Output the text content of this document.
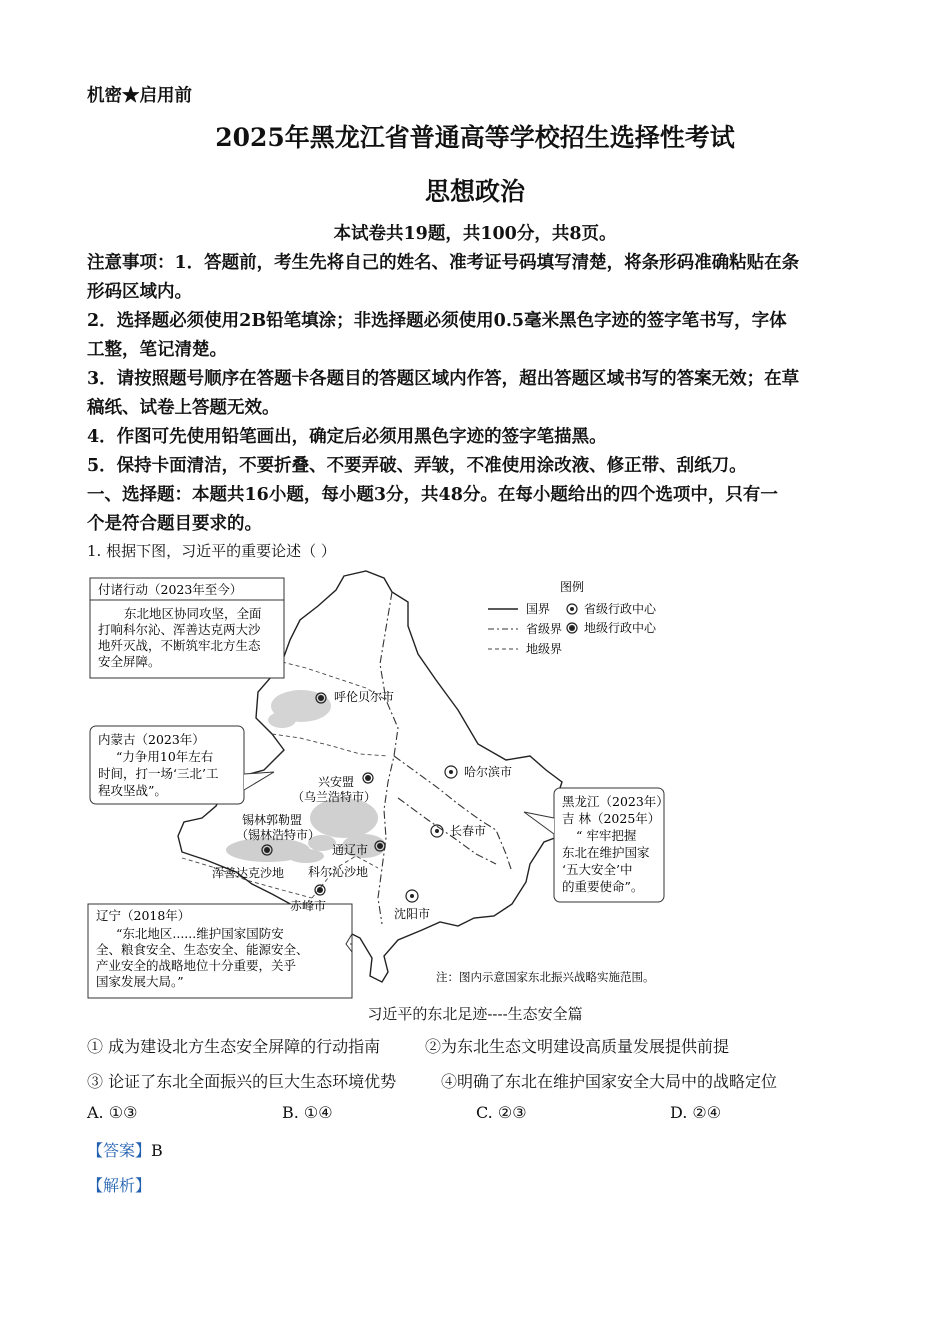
机密★启用前
2025年黑龙江省普通高等学校招生选择性考试
思想政治
本试卷共19题，共100分，共8页。
注意事项：1．答题前，考生先将自己的姓名、准考证号码填写清楚，将条形码准确粘贴在条
形码区域内。
2．选择题必须使用2B铅笔填涂；非选择题必须使用0.5毫米黑色字迹的签字笔书写，字体
工整，笔记清楚。
3．请按照题号顺序在答题卡各题目的答题区域内作答，超出答题区域书写的答案无效；在草
稿纸、试卷上答题无效。
4．作图可先使用铅笔画出，确定后必须用黑色字迹的签字笔描黑。
5．保持卡面清洁，不要折叠、不要弄破、弄皱，不准使用涂改液、修正带、刮纸刀。
一、选择题：本题共16小题，每小题3分，共48分。在每小题给出的四个选项中，只有一
个是符合题目要求的。
1. 根据下图，习近平的重要论述（ ）
付诸行动（2023年至今）
东北地区协同攻坚，全面
打响科尔沁、浑善达克两大沙
地歼灭战，不断筑牢北方生态
安全屏障。
图例
国界
省级界
地级界
省级行政中心
地级行政中心
内蒙古（2023年）
“力争用10年左右
时间，打一场‘三北’工
程攻坚战”。
黑龙江（2023年）
吉 林（2025年）
“ 牢牢把握
东北在维护国家
‘五大安全’中
的重要使命”。
辽宁（2018年）
“东北地区......维护国家国防安
全、粮食安全、生态安全、能源安全、
产业安全的战略地位十分重要，关乎
国家发展大局。”
呼伦贝尔市
兴安盟
（乌兰浩特市）
哈尔滨市
长春市
锡林郭勒盟
（锡林浩特市）
通辽市
浑善达克沙地 科尔沁沙地
赤峰市
沈阳市
注：图内示意国家东北振兴战略实施范围。
习近平的东北足迹----生态安全篇
① 成为建设北方生态安全屏障的行动指南	②为东北生态文明建设高质量发展提供前提
③ 论证了东北全面振兴的巨大生态环境优势	④明确了东北在维护国家安全大局中的战略定位
A. ①③	B. ①④	C. ②③	D. ②④
【答案】B
【解析】
